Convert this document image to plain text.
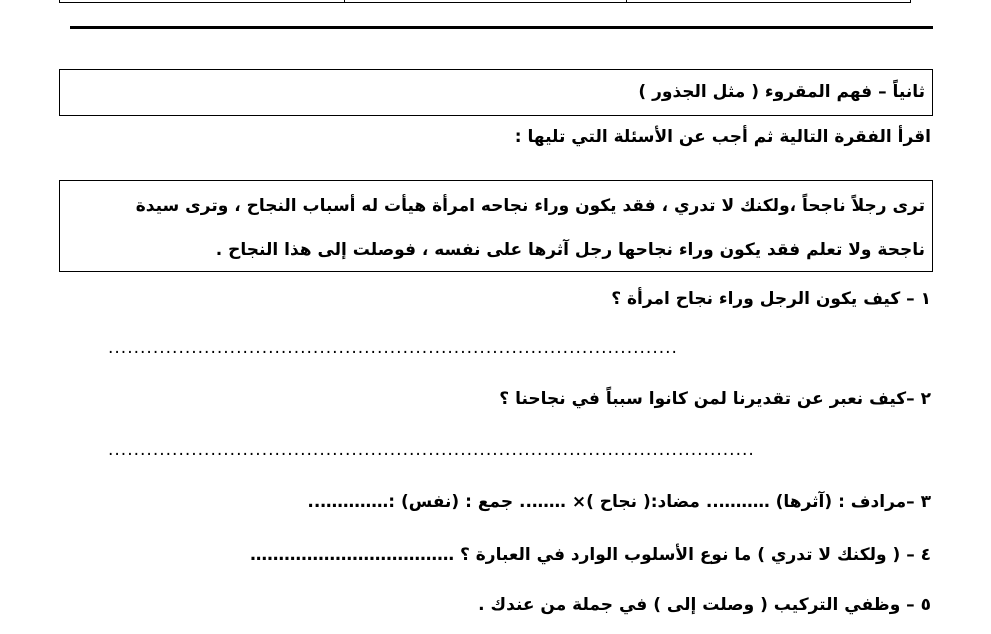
ثانياً – فهم المقروء ( مثل الجذور )
اقرأ الفقرة التالية ثم أجب عن الأسئلة التي تليها :
ترى رجلاً ناجحاً ،ولكنك لا تدري ، فقد يكون وراء نجاحه امرأة هيأت له أسباب النجاح ، وترى سيدة
ناجحة ولا تعلم فقد يكون وراء نجاحها رجل آثرها على نفسه ، فوصلت إلى هذا النجاح .
١ – كيف يكون الرجل وراء نجاح امرأة ؟
.........................................................................................
٢ –كيف نعبر عن تقديرنا لمن كانوا سبباً في نجاحنا ؟
.....................................................................................................
٣ –مرادف : (آثرها) ……….. مضاد:( نجاح )× …….. جمع : (نفس) :…………..
٤ – ( ولكنك لا تدري ) ما نوع الأسلوب الوارد في العبارة ؟ ………………………………
٥ – وظفي التركيب ( وصلت إلى ) في جملة من عندك .
